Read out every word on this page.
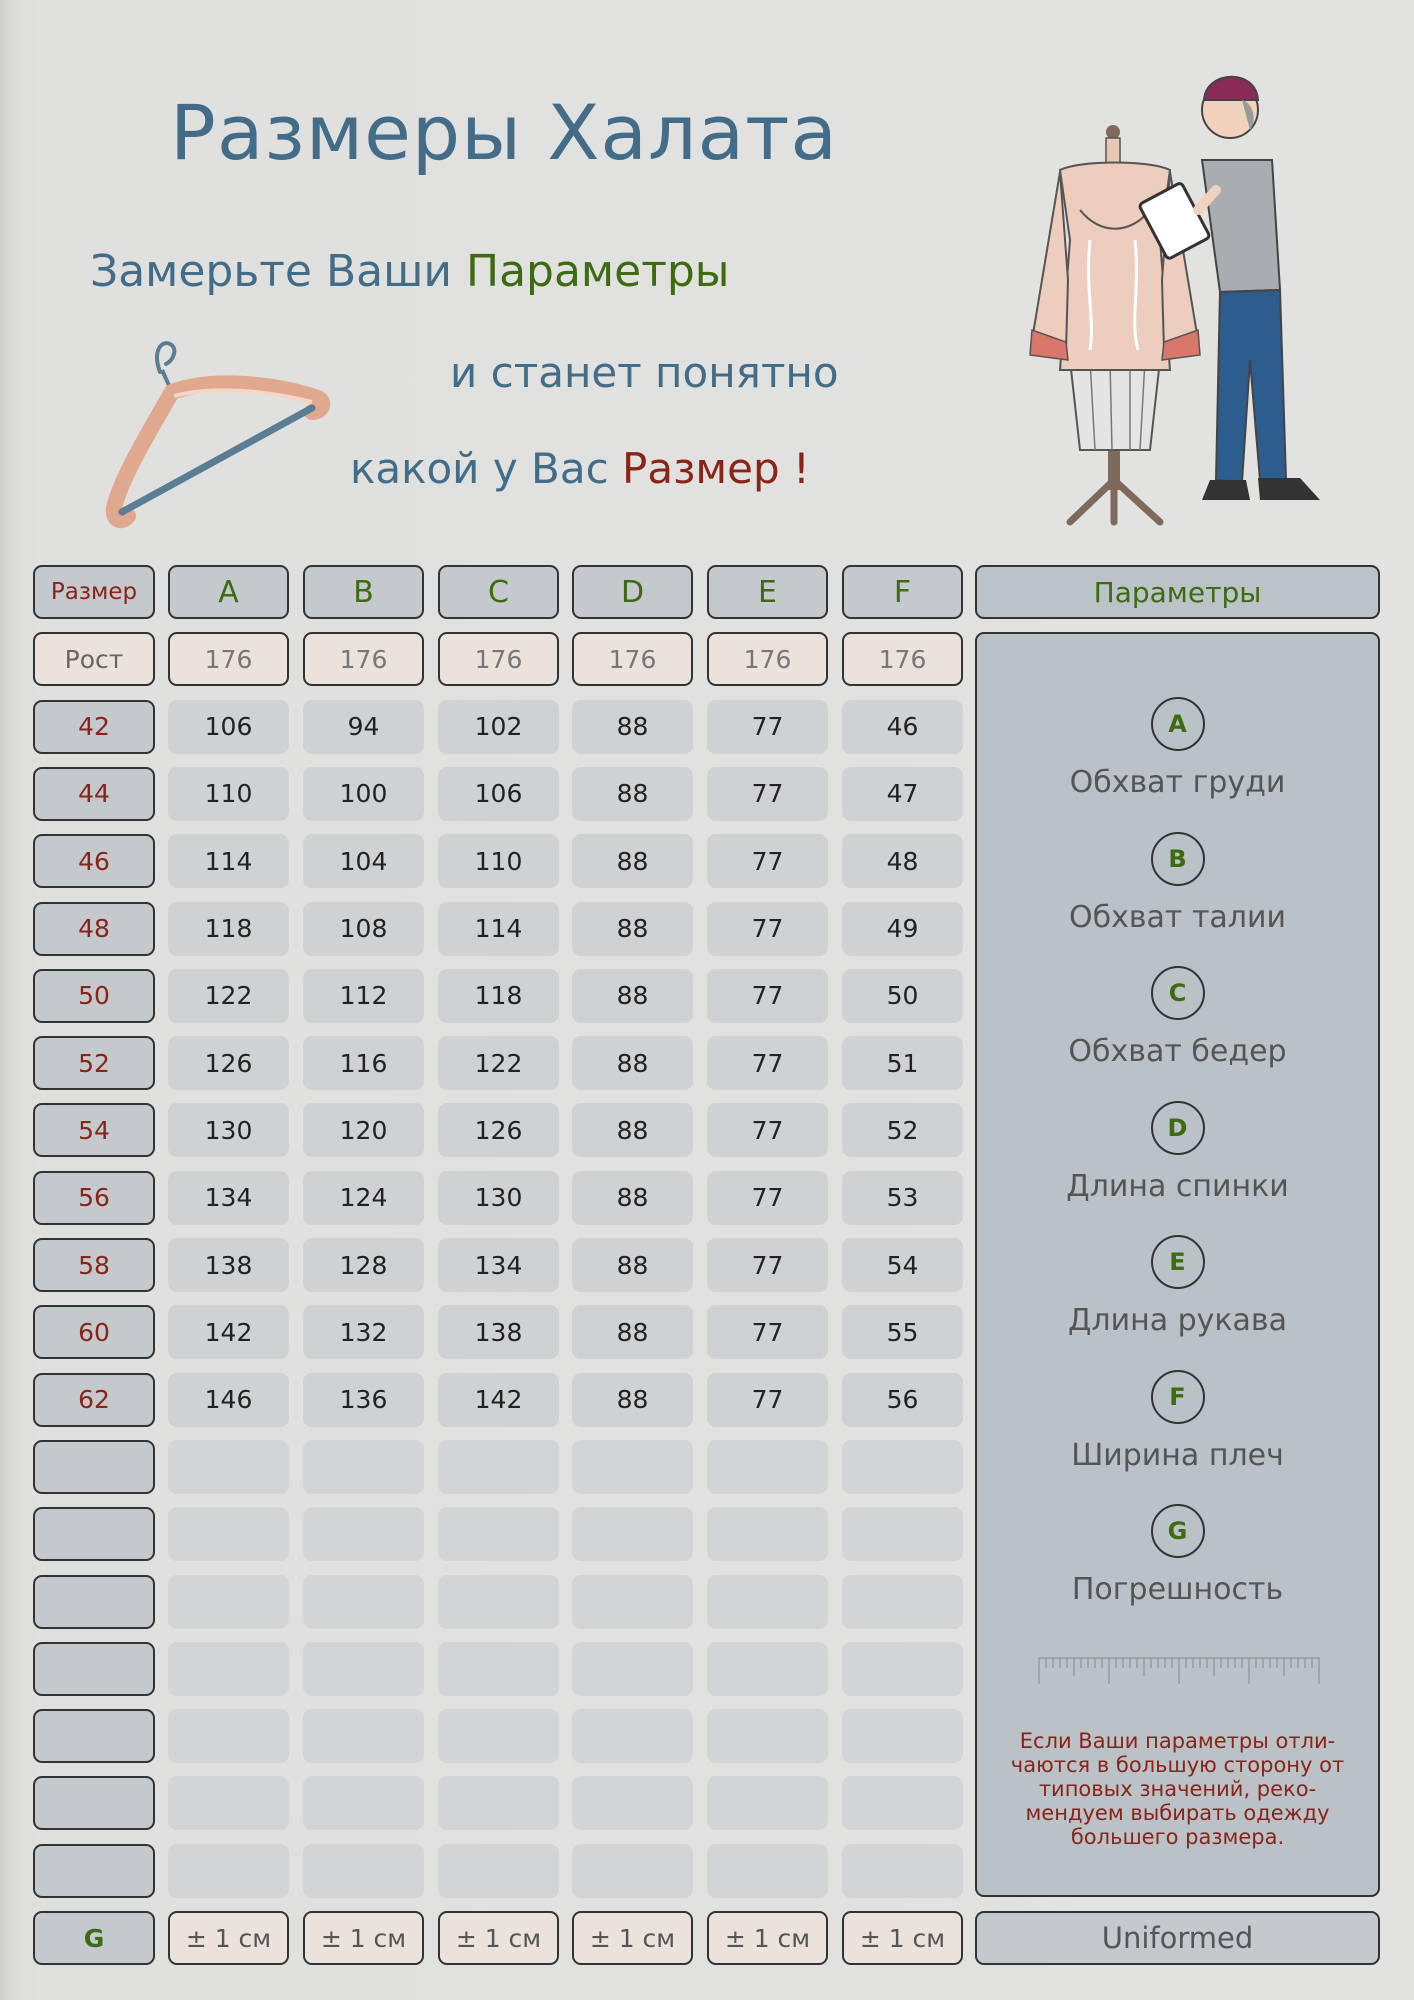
Размеры Халата
Замерьте Ваши Параметры
и станет понятно
какой у Вас Размер !
Размер	A	B	C	D	E	F
Рост	176	176	176	176	176	176
42	106	94	102	88	77	46
44	110	100	106	88	77	47
46	114	104	110	88	77	48
48	118	108	114	88	77	49
50	122	112	118	88	77	50
52	126	116	122	88	77	51
54	130	120	126	88	77	52
56	134	124	130	88	77	53
58	138	128	134	88	77	54
60	142	132	138	88	77	55
62	146	136	142	88	77	56
G	± 1 см	± 1 см	± 1 см	± 1 см	± 1 см	± 1 см
Параметры
A
Обхват груди
B
Обхват талии
C
Обхват бедер
D
Длина спинки
E
Длина рукава
F
Ширина плеч
G
Погрешность
Если Ваши параметры отли-чаются в большую сторону от типовых значений, реко-мендуем выбирать одежду большего размера.
Uniformed
